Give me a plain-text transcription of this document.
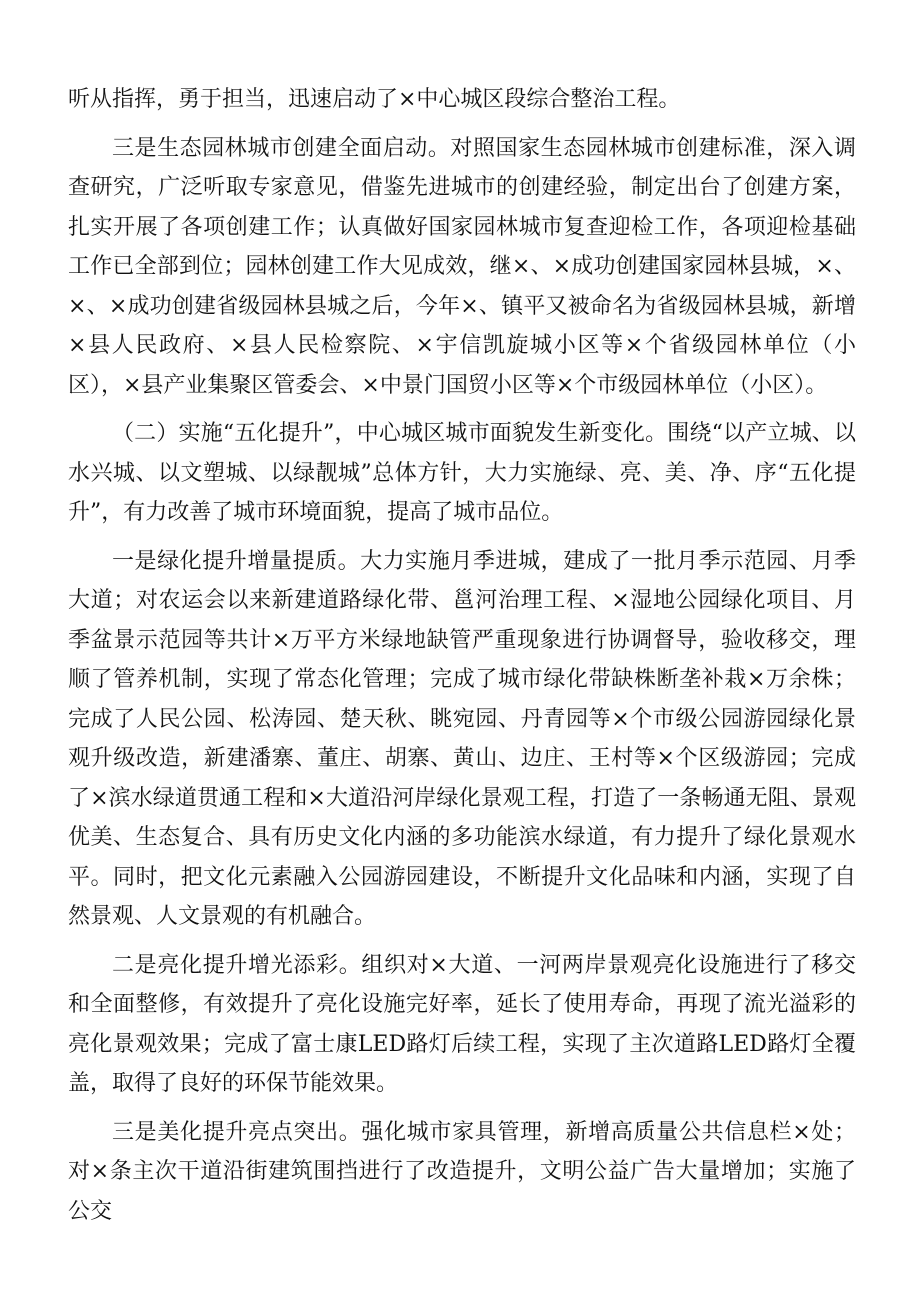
听从指挥，勇于担当，迅速启动了×中心城区段综合整治工程。

三是生态园林城市创建全面启动。对照国家生态园林城市创建标准，深入调查研究，广泛听取专家意见，借鉴先进城市的创建经验，制定出台了创建方案，扎实开展了各项创建工作；认真做好国家园林城市复查迎检工作，各项迎检基础工作已全部到位；园林创建工作大见成效，继×、×成功创建国家园林县城，×、×、×成功创建省级园林县城之后，今年×、镇平又被命名为省级园林县城，新增×县人民政府、×县人民检察院、×宇信凯旋城小区等×个省级园林单位（小区），×县产业集聚区管委会、×中景门国贸小区等×个市级园林单位（小区）。

（二）实施“五化提升”，中心城区城市面貌发生新变化。围绕“以产立城、以水兴城、以文塑城、以绿靓城”总体方针，大力实施绿、亮、美、净、序“五化提升”，有力改善了城市环境面貌，提高了城市品位。

一是绿化提升增量提质。大力实施月季进城，建成了一批月季示范园、月季大道；对农运会以来新建道路绿化带、邕河治理工程、×湿地公园绿化项目、月季盆景示范园等共计×万平方米绿地缺管严重现象进行协调督导，验收移交，理顺了管养机制，实现了常态化管理；完成了城市绿化带缺株断垄补栽×万余株；完成了人民公园、松涛园、楚天秋、眺宛园、丹青园等×个市级公园游园绿化景观升级改造，新建潘寨、董庄、胡寨、黄山、边庄、王村等×个区级游园；完成了×滨水绿道贯通工程和×大道沿河岸绿化景观工程，打造了一条畅通无阻、景观优美、生态复合、具有历史文化内涵的多功能滨水绿道，有力提升了绿化景观水平。同时，把文化元素融入公园游园建设，不断提升文化品味和内涵，实现了自然景观、人文景观的有机融合。

二是亮化提升增光添彩。组织对×大道、一河两岸景观亮化设施进行了移交和全面整修，有效提升了亮化设施完好率，延长了使用寿命，再现了流光溢彩的亮化景观效果；完成了富士康LED路灯后续工程，实现了主次道路LED路灯全覆盖，取得了良好的环保节能效果。

三是美化提升亮点突出。强化城市家具管理，新增高质量公共信息栏×处；对×条主次干道沿街建筑围挡进行了改造提升，文明公益广告大量增加；实施了公交
